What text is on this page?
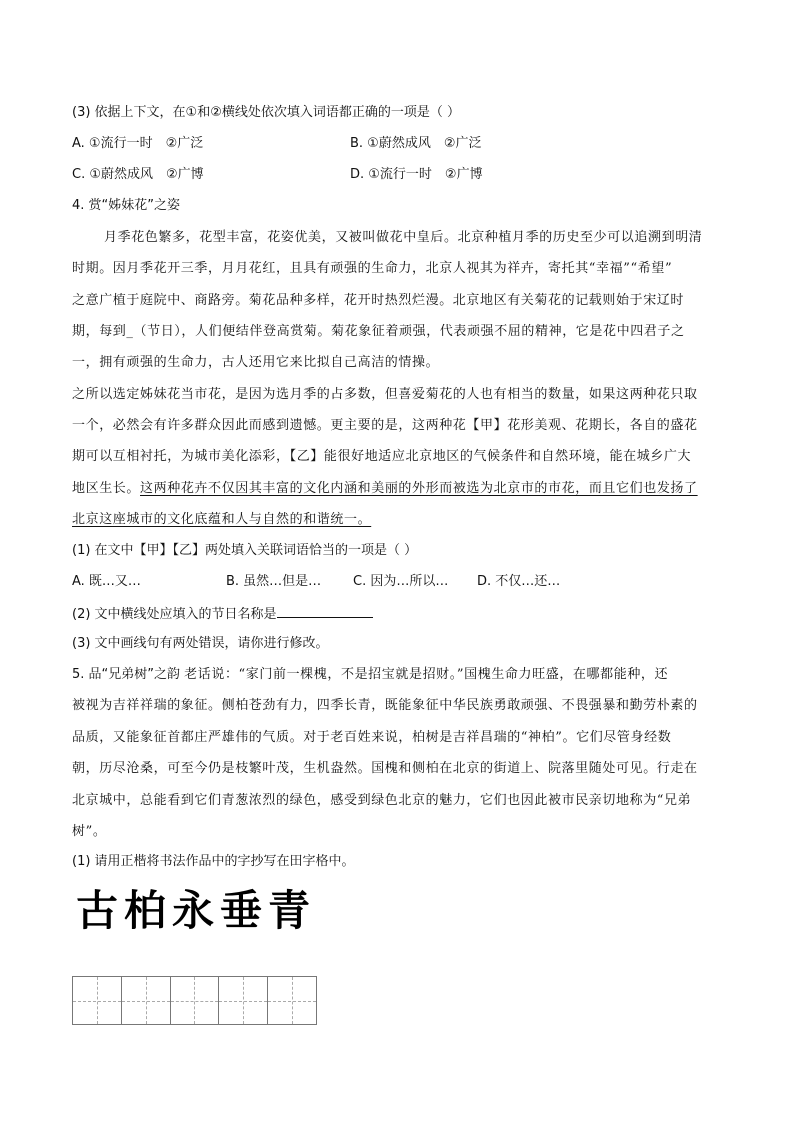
(3) 依据上下文，在①和②横线处依次填入词语都正确的一项是（ ）
A. ①流行一时　②广泛	B. ①蔚然成风　②广泛
C. ①蔚然成风　②广博	D. ①流行一时　②广博
4. 赏“姊妹花”之姿
月季花色繁多，花型丰富，花姿优美，又被叫做花中皇后。北京种植月季的历史至少可以追溯到明清
时期。因月季花开三季，月月花红，且具有顽强的生命力，北京人视其为祥卉，寄托其“幸福”“希望”
之意广植于庭院中、商路旁。菊花品种多样，花开时热烈烂漫。北京地区有关菊花的记载则始于宋辽时
期，每到_（节日），人们便结伴登高赏菊。菊花象征着顽强，代表顽强不屈的精神，它是花中四君子之
一，拥有顽强的生命力，古人还用它来比拟自己高洁的情操。
之所以选定姊妹花当市花，是因为选月季的占多数，但喜爱菊花的人也有相当的数量，如果这两种花只取
一个，必然会有许多群众因此而感到遗憾。更主要的是，这两种花【甲】花形美观、花期长，各自的盛花
期可以互相衬托，为城市美化添彩，【乙】能很好地适应北京地区的气候条件和自然环境，能在城乡广大
地区生长。这两种花卉不仅因其丰富的文化内涵和美丽的外形而被选为北京市的市花，而且它们也发扬了
北京这座城市的文化底蕴和人与自然的和谐统一。
(1) 在文中【甲】【乙】两处填入关联词语恰当的一项是（ ）
A. 既…又…	B. 虽然…但是… C. 因为…所以… D. 不仅…还…
(2) 文中横线处应填入的节日名称是
(3) 文中画线句有两处错误，请你进行修改。
5. 品“兄弟树”之韵 老话说：“家门前一棵槐，不是招宝就是招财。”国槐生命力旺盛，在哪都能种，还
被视为吉祥祥瑞的象征。侧柏苍劲有力，四季长青，既能象征中华民族勇敢顽强、不畏强暴和勤劳朴素的
品质，又能象征首都庄严雄伟的气质。对于老百姓来说，柏树是吉祥昌瑞的“神柏”。它们尽管身经数
朝，历尽沧桑，可至今仍是枝繁叶茂，生机盎然。国槐和侧柏在北京的街道上、院落里随处可见。行走在
北京城中，总能看到它们青葱浓烈的绿色，感受到绿色北京的魅力，它们也因此被市民亲切地称为“兄弟
树”。
(1) 请用正楷将书法作品中的字抄写在田字格中。
古柏永垂青
